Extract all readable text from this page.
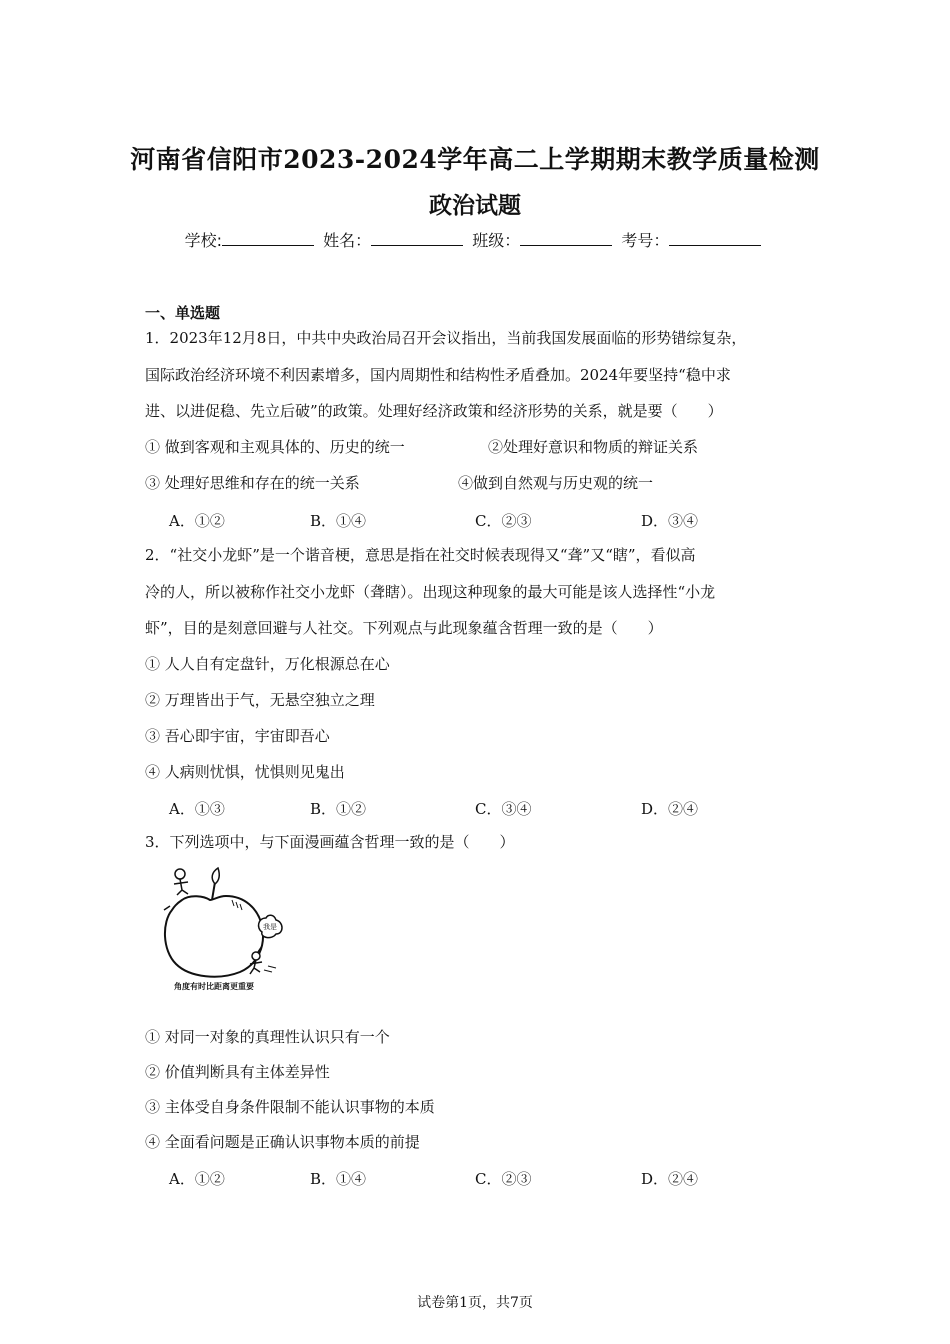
河南省信阳市2023-2024学年高二上学期期末教学质量检测
政治试题
学校:	姓名：	班级：	考号：
一、单选题
1．2023年12月8日，中共中央政治局召开会议指出，当前我国发展面临的形势错综复杂，
国际政治经济环境不利因素增多，国内周期性和结构性矛盾叠加。2024年要坚持“稳中求
进、以进促稳、先立后破”的政策。处理好经济政策和经济形势的关系，就是要（　　）
① 做到客观和主观具体的、历史的统一	②处理好意识和物质的辩证关系
③ 处理好思维和存在的统一关系	④做到自然观与历史观的统一
A．①②	B．①④	C．②③	D．③④
2．“社交小龙虾”是一个谐音梗，意思是指在社交时候表现得又“聋”又“瞎”，看似高
冷的人，所以被称作社交小龙虾（聋瞎）。出现这种现象的最大可能是该人选择性“小龙
虾”，目的是刻意回避与人社交。下列观点与此现象蕴含哲理一致的是（　　）
① 人人自有定盘针，万化根源总在心
② 万理皆出于气，无悬空独立之理
③ 吾心即宇宙，宇宙即吾心
④ 人病则忧惧，忧惧则见鬼出
A．①③	B．①②	C．③④	D．②④
3．下列选项中，与下面漫画蕴含哲理一致的是（　　）
我是
角度有时比距离更重要
① 对同一对象的真理性认识只有一个
② 价值判断具有主体差异性
③ 主体受自身条件限制不能认识事物的本质
④ 全面看问题是正确认识事物本质的前提
A．①②	B．①④	C．②③	D．②④
试卷第1页，共7页
